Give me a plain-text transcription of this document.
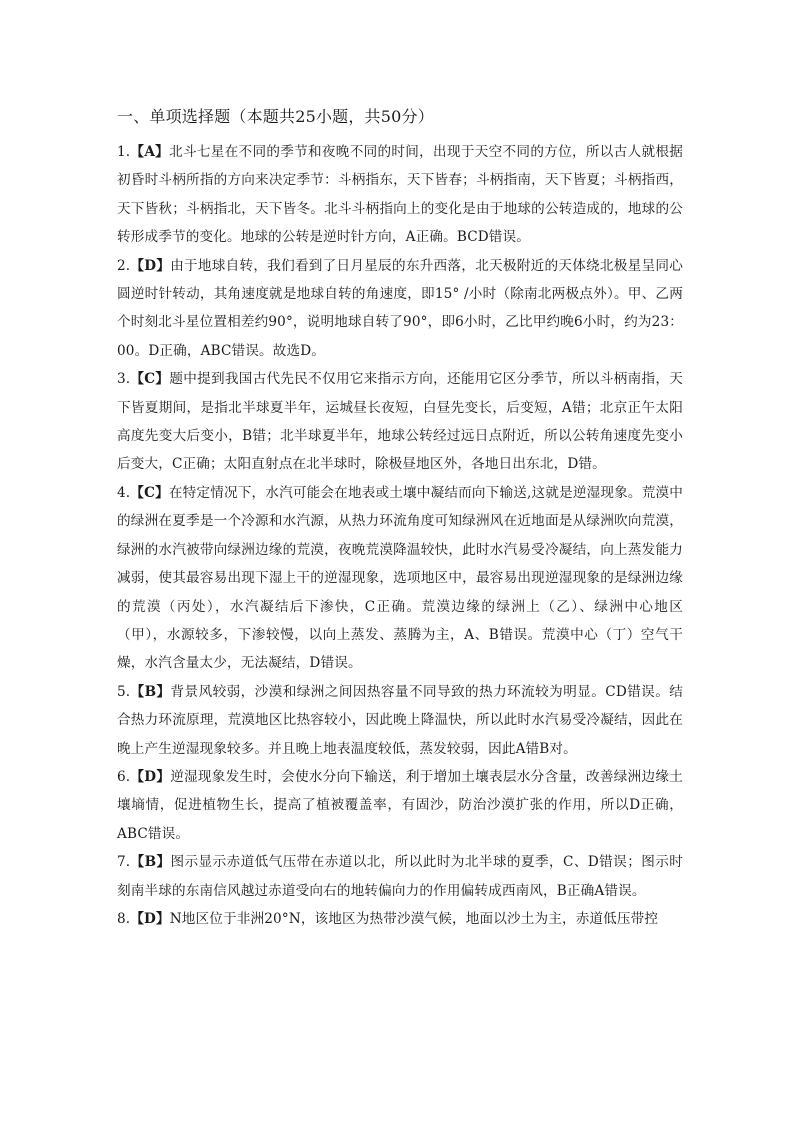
一、单项选择题（本题共25小题，共50分）

1.【A】北斗七星在不同的季节和夜晚不同的时间，出现于天空不同的方位，所以古人就根据初昏时斗柄所指的方向来决定季节：斗柄指东，天下皆春；斗柄指南，天下皆夏；斗柄指西，天下皆秋；斗柄指北，天下皆冬。北斗斗柄指向上的变化是由于地球的公转造成的，地球的公转形成季节的变化。地球的公转是逆时针方向，A正确。BCD错误。

2.【D】由于地球自转，我们看到了日月星辰的东升西落，北天极附近的天体绕北极星呈同心圆逆时针转动，其角速度就是地球自转的角速度，即15° /小时（除南北两极点外）。甲、乙两个时刻北斗星位置相差约90°，说明地球自转了90°，即6小时，乙比甲约晚6小时，约为23：00。D正确，ABC错误。故选D。

3.【C】题中提到我国古代先民不仅用它来指示方向，还能用它区分季节，所以斗柄南指，天下皆夏期间，是指北半球夏半年，运城昼长夜短，白昼先变长，后变短，A错；北京正午太阳高度先变大后变小，B错；北半球夏半年，地球公转经过远日点附近，所以公转角速度先变小后变大，C正确；太阳直射点在北半球时，除极昼地区外，各地日出东北，D错。

4.【C】在特定情况下，水汽可能会在地表或土壤中凝结而向下输送,这就是逆湿现象。荒漠中的绿洲在夏季是一个冷源和水汽源，从热力环流角度可知绿洲风在近地面是从绿洲吹向荒漠，绿洲的水汽被带向绿洲边缘的荒漠，夜晚荒漠降温较快，此时水汽易受冷凝结，向上蒸发能力减弱，使其最容易出现下湿上干的逆湿现象，选项地区中，最容易出现逆湿现象的是绿洲边缘的荒漠（丙处），水汽凝结后下渗快，C正确。荒漠边缘的绿洲上（乙）、绿洲中心地区（甲），水源较多，下渗较慢，以向上蒸发、蒸腾为主，A、B错误。荒漠中心（丁）空气干燥，水汽含量太少，无法凝结，D错误。

5.【B】背景风较弱，沙漠和绿洲之间因热容量不同导致的热力环流较为明显。CD错误。结合热力环流原理，荒漠地区比热容较小，因此晚上降温快，所以此时水汽易受冷凝结，因此在晚上产生逆湿现象较多。并且晚上地表温度较低，蒸发较弱，因此A错B对。

6.【D】逆湿现象发生时，会使水分向下输送，利于增加土壤表层水分含量，改善绿洲边缘土壤墒情，促进植物生长，提高了植被覆盖率，有固沙，防治沙漠扩张的作用，所以D正确，ABC错误。

7.【B】图示显示赤道低气压带在赤道以北，所以此时为北半球的夏季，C、D错误；图示时刻南半球的东南信风越过赤道受向右的地转偏向力的作用偏转成西南风，B正确A错误。

8.【D】N地区位于非洲20°N，该地区为热带沙漠气候，地面以沙土为主，赤道低压带控
